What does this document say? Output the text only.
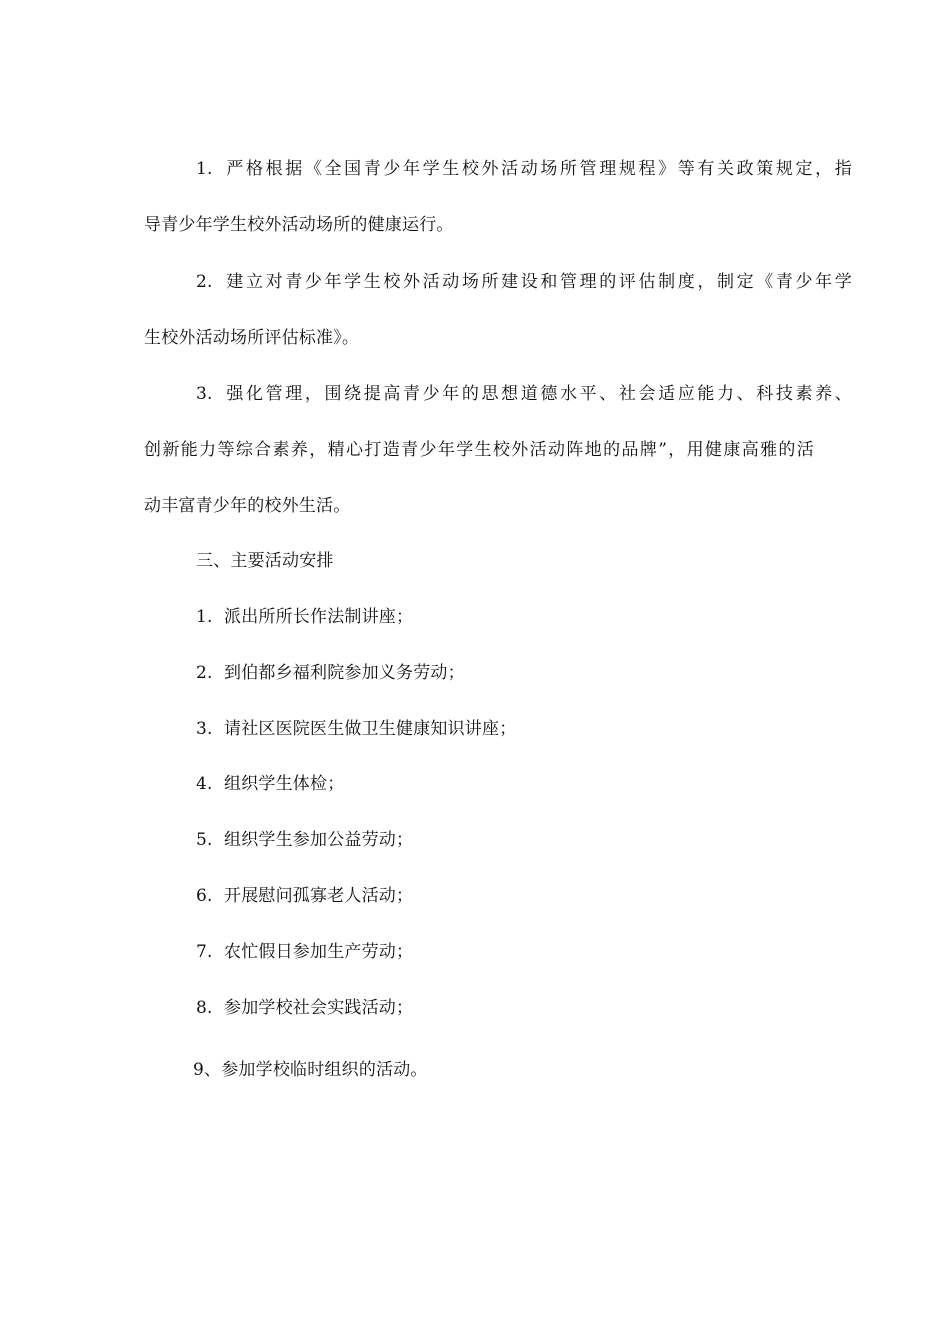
1. 严格根据《全国青少年学生校外活动场所管理规程》等有关政策规定，指
导青少年学生校外活动场所的健康运行。
2. 建立对青少年学生校外活动场所建设和管理的评估制度，制定《青少年学
生校外活动场所评估标准》。
3. 强化管理，围绕提高青少年的思想道德水平、社会适应能力、科技素养、
创新能力等综合素养，精心打造青少年学生校外活动阵地的品牌”，用健康高雅的活
动丰富青少年的校外生活。
三、主要活动安排
1. 派出所所长作法制讲座；
2. 到伯都乡福利院参加义务劳动；
3. 请社区医院医生做卫生健康知识讲座；
4. 组织学生体检；
5. 组织学生参加公益劳动；
6. 开展慰问孤寡老人活动；
7. 农忙假日参加生产劳动；
8. 参加学校社会实践活动；
9、参加学校临时组织的活动。
